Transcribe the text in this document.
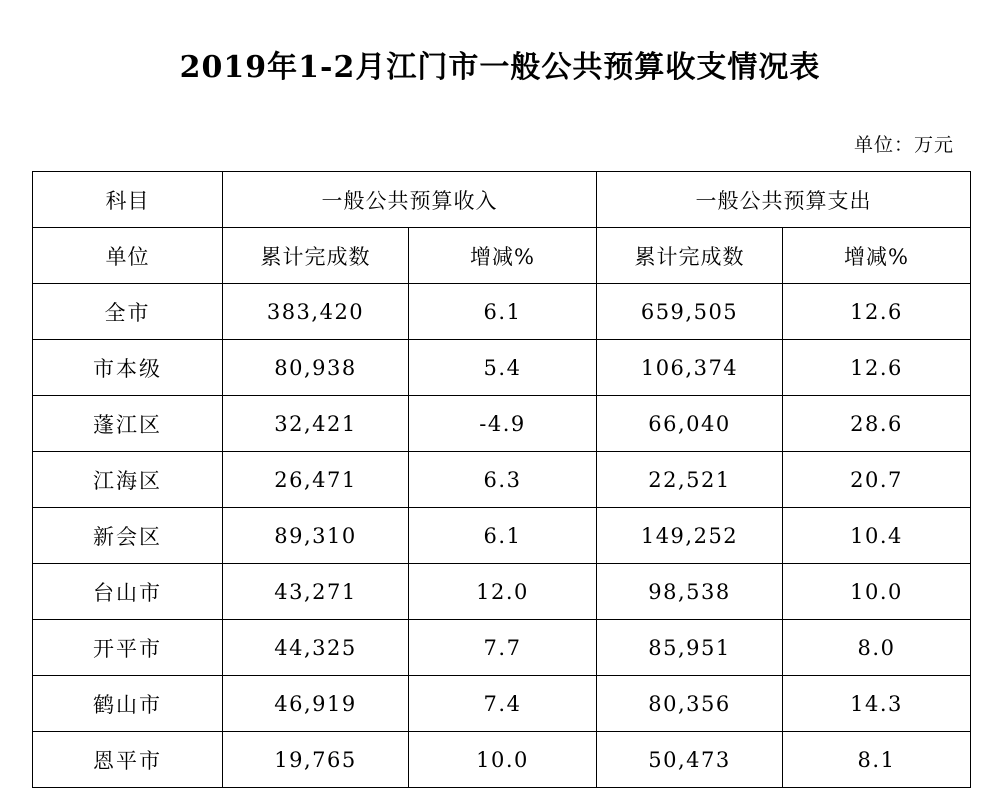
2019年1-2月江门市一般公共预算收支情况表
单位：万元
科目	一般公共预算收入		一般公共预算支出	
单位	累计完成数	增减%	累计完成数	增减%
全市	383,420	6.1	659,505	12.6
市本级	80,938	5.4	106,374	12.6
蓬江区	32,421	-4.9	66,040	28.6
江海区	26,471	6.3	22,521	20.7
新会区	89,310	6.1	149,252	10.4
台山市	43,271	12.0	98,538	10.0
开平市	44,325	7.7	85,951	8.0
鹤山市	46,919	7.4	80,356	14.3
恩平市	19,765	10.0	50,473	8.1
